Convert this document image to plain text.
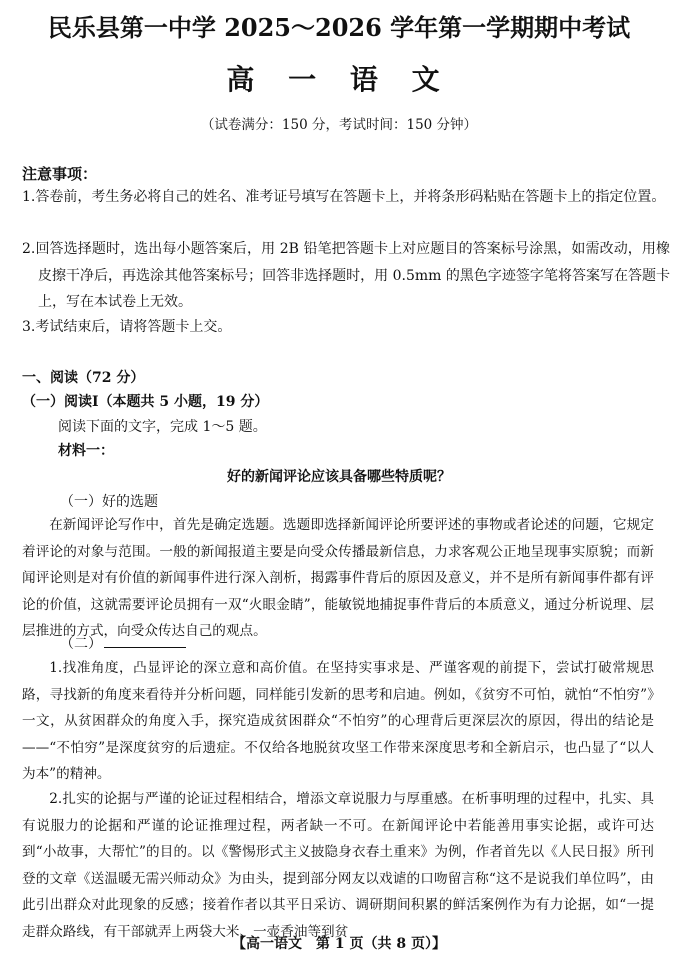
民乐县第一中学 2025～2026 学年第一学期期中考试
高 一 语 文
（试卷满分：150 分，考试时间：150 分钟）
注意事项：
1.答卷前，考生务必将自己的姓名、准考证号填写在答题卡上，并将条形码粘贴在答题卡上的指定位置。
2.回答选择题时，选出每小题答案后，用 2B 铅笔把答题卡上对应题目的答案标号涂黑，如需改动，用橡皮擦干净后，再选涂其他答案标号；回答非选择题时，用 0.5mm 的黑色字迹签字笔将答案写在答题卡上，写在本试卷上无效。
3.考试结束后，请将答题卡上交。
一、阅读（72 分）
（一）阅读Ⅰ（本题共 5 小题，19 分）
阅读下面的文字，完成 1～5 题。
材料一：
好的新闻评论应该具备哪些特质呢？
（一）好的选题
在新闻评论写作中，首先是确定选题。选题即选择新闻评论所要评述的事物或者论述的问题，它规定着评论的对象与范围。一般的新闻报道主要是向受众传播最新信息，力求客观公正地呈现事实原貌；而新闻评论则是对有价值的新闻事件进行深入剖析，揭露事件背后的原因及意义，并不是所有新闻事件都有评论的价值，这就需要评论员拥有一双“火眼金睛”，能敏锐地捕捉事件背后的本质意义，通过分析说理、层层推进的方式，向受众传达自己的观点。
（二）
1.找准角度，凸显评论的深立意和高价值。在坚持实事求是、严谨客观的前提下，尝试打破常规思路，寻找新的角度来看待并分析问题，同样能引发新的思考和启迪。例如，《贫穷不可怕，就怕“不怕穷”》一文，从贫困群众的角度入手，探究造成贫困群众“不怕穷”的心理背后更深层次的原因，得出的结论是——“不怕穷”是深度贫穷的后遗症。不仅给各地脱贫攻坚工作带来深度思考和全新启示，也凸显了“以人为本”的精神。
2.扎实的论据与严谨的论证过程相结合，增添文章说服力与厚重感。在析事明理的过程中，扎实、具有说服力的论据和严谨的论证推理过程，两者缺一不可。在新闻评论中若能善用事实论据，或许可达到“小故事，大帮忙”的目的。以《警惕形式主义披隐身衣春土重来》为例，作者首先以《人民日报》所刊登的文章《送温暖无需兴师动众》为由头，提到部分网友以戏谑的口吻留言称“这不是说我们单位吗”，由此引出群众对此现象的反感；接着作者以其平日采访、调研期间积累的鲜活案例作为有力论据，如“一提走群众路线，有干部就弄上两袋大米、一壶香油等到贫
【高一语文　第 1 页（共 8 页）】
